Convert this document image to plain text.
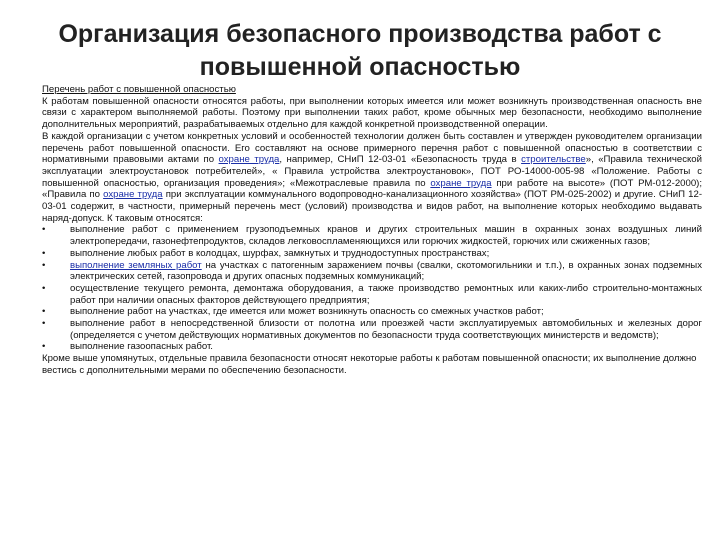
Организация безопасного производства работ с повышенной опасностью
Перечень работ с повышенной опасностью

К работам повышенной опасности относятся работы, при выполнении которых имеется или может возникнуть производственная опасность вне связи с характером выполняемой работы. Поэтому при выполнении таких работ, кроме обычных мер безопасности, необходимо выполнение дополнительных мероприятий, разрабатываемых отдельно для каждой конкретной производственной операции.

В каждой организации с учетом конкретных условий и особенностей технологии должен быть составлен и утвержден руководителем организации перечень работ повышенной опасности. Его составляют на основе примерного перечня работ с повышенной опасностью в соответствии с нормативными правовыми актами по охране труда, например, СНиП 12-03-01 «Безопасность труда в строительстве», «Правила технической эксплуатации электроустановок потребителей», « Правила устройства электроустановок», ПОТ РО-14000-005-98 «Положение. Работы с повышенной опасностью, организация проведения»; «Межотраслевые правила по охране труда при работе на высоте» (ПОТ РМ-012-2000); «Правила по охране труда при эксплуатации коммунального водопроводно-канализационного хозяйства» (ПОТ РМ-025-2002) и другие. СНиП 12-03-01 содержит, в частности, примерный перечень мест (условий) производства и видов работ, на выполнение которых необходимо выдавать наряд-допуск. К таковым относятся:

•	выполнение работ с применением грузоподъемных кранов и других строительных машин в охранных зонах воздушных линий электропередачи, газонефтепродуктов, складов легковоспламеняющихся или горючих жидкостей, горючих или сжиженных газов;
•	выполнение любых работ в колодцах, шурфах, замкнутых и труднодоступных пространствах;
•	выполнение земляных работ на участках с патогенным заражением почвы (свалки, скотомогильники и т.п.), в охранных зонах подземных электрических сетей, газопровода и других опасных подземных коммуникаций;
•	осуществление текущего ремонта, демонтажа оборудования, а также производство ремонтных или каких-либо строительно-монтажных работ при наличии опасных факторов действующего предприятия;
•	выполнение работ на участках, где имеется или может возникнуть опасность со смежных участков работ;
•	выполнение работ в непосредственной близости от полотна или проезжей части эксплуатируемых автомобильных и железных дорог (определяется с учетом действующих нормативных документов по безопасности труда соответствующих министерств и ведомств);
•	выполнение газоопасных работ.

Кроме выше упомянутых, отдельные правила безопасности относят некоторые работы к работам повышенной опасности; их выполнение должно вестись с дополнительными мерами по обеспечению безопасности.
